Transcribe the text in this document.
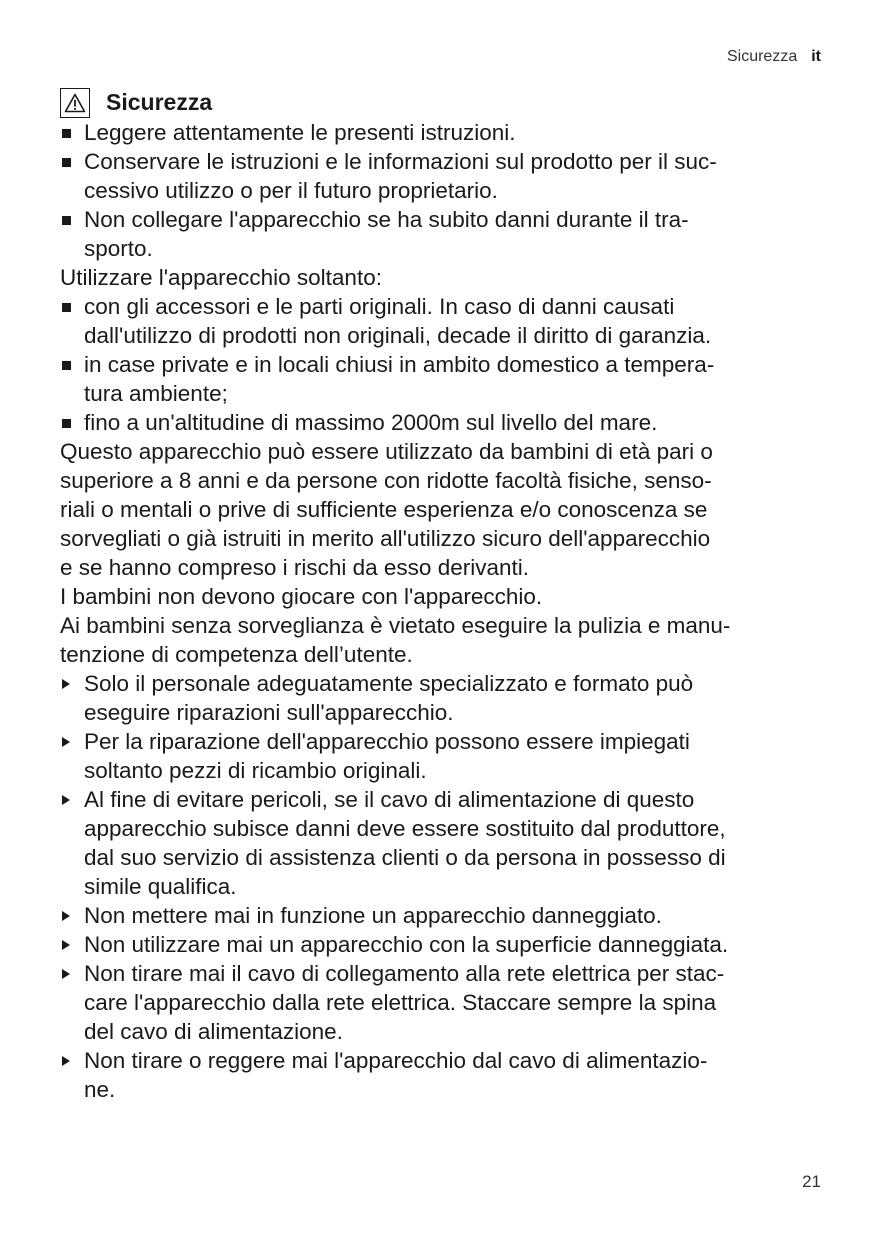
Sicurezza it
Sicurezza
Leggere attentamente le presenti istruzioni.
Conservare le istruzioni e le informazioni sul prodotto per il suc-
cessivo utilizzo o per il futuro proprietario.
Non collegare l'apparecchio se ha subito danni durante il tra-
sporto.
Utilizzare l'apparecchio soltanto:
con gli accessori e le parti originali. In caso di danni causati
dall'utilizzo di prodotti non originali, decade il diritto di garanzia.
in case private e in locali chiusi in ambito domestico a tempera-
tura ambiente;
fino a un'altitudine di massimo 2000m sul livello del mare.
Questo apparecchio può essere utilizzato da bambini di età pari o
superiore a 8 anni e da persone con ridotte facoltà fisiche, senso-
riali o mentali o prive di sufficiente esperienza e/o conoscenza se
sorvegliati o già istruiti in merito all'utilizzo sicuro dell'apparecchio
e se hanno compreso i rischi da esso derivanti.
I bambini non devono giocare con l'apparecchio.
Ai bambini senza sorveglianza è vietato eseguire la pulizia e manu-
tenzione di competenza dell’utente.
Solo il personale adeguatamente specializzato e formato può
eseguire riparazioni sull'apparecchio.
Per la riparazione dell'apparecchio possono essere impiegati
soltanto pezzi di ricambio originali.
Al fine di evitare pericoli, se il cavo di alimentazione di questo
apparecchio subisce danni deve essere sostituito dal produttore,
dal suo servizio di assistenza clienti o da persona in possesso di
simile qualifica.
Non mettere mai in funzione un apparecchio danneggiato.
Non utilizzare mai un apparecchio con la superficie danneggiata.
Non tirare mai il cavo di collegamento alla rete elettrica per stac-
care l'apparecchio dalla rete elettrica. Staccare sempre la spina
del cavo di alimentazione.
Non tirare o reggere mai l'apparecchio dal cavo di alimentazio-
ne.
21
